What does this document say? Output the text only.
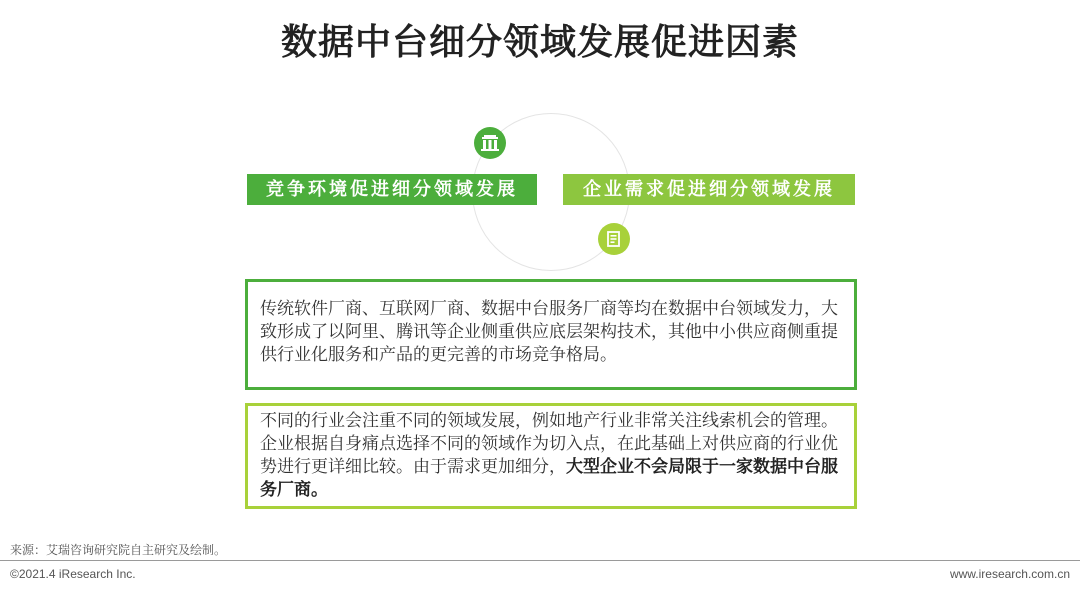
数据中台细分领域发展促进因素
竞争环境促进细分领域发展	企业需求促进细分领域发展
传统软件厂商、互联网厂商、数据中台服务厂商等均在数据中台领域发力，大致形成了以阿里、腾讯等企业侧重供应底层架构技术，其他中小供应商侧重提供行业化服务和产品的更完善的市场竞争格局。
不同的行业会注重不同的领域发展，例如地产行业非常关注线索机会的管理。企业根据自身痛点选择不同的领域作为切入点，在此基础上对供应商的行业优势进行更详细比较。由于需求更加细分，大型企业不会局限于一家数据中台服务厂商。
来源：艾瑞咨询研究院自主研究及绘制。
©2021.4 iResearch Inc.	www.iresearch.com.cn
